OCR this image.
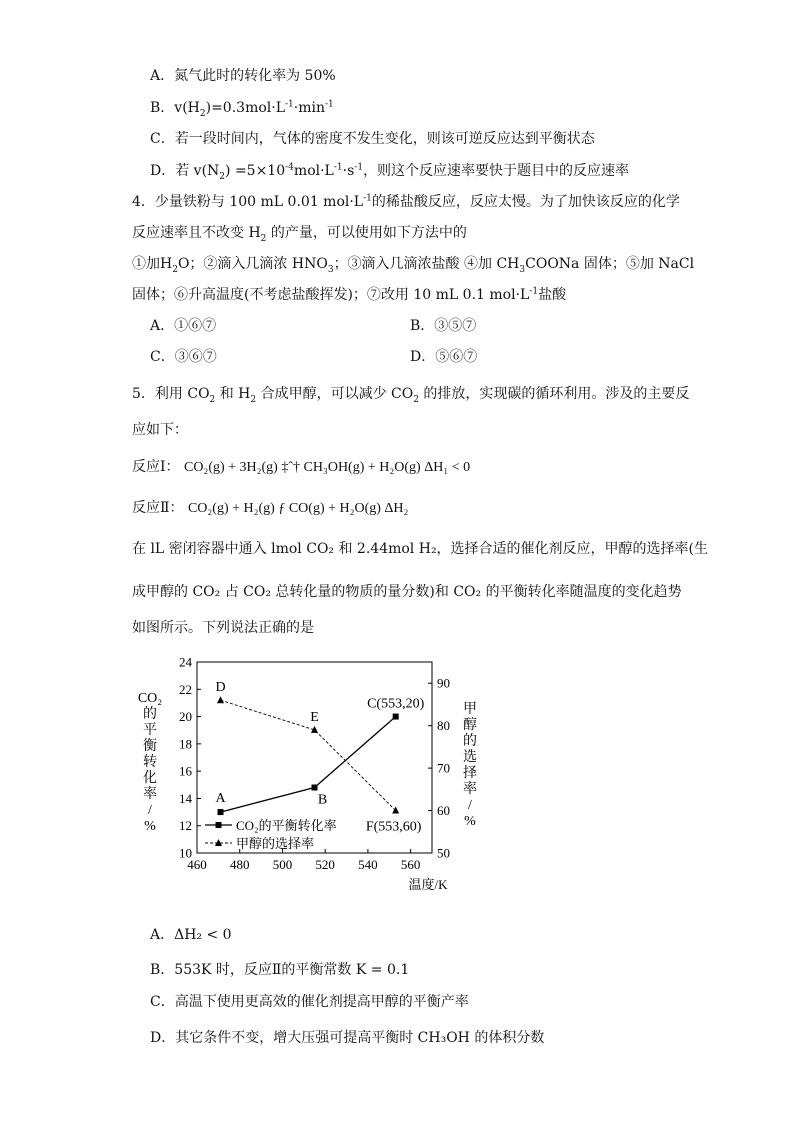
A．氮气此时的转化率为 50%
B．$v(H_2)=0.3mol\cdot L^{-1}\cdot\min^{-1}$
C．若一段时间内，气体的密度不发生变化，则该可逆反应达到平衡状态
D．若 $v(N_2) =5\times 10^{-4}mol\cdot L^{-1}\cdot s^{-1}$，则这个反应速率要快于题目中的反应速率
4．少量铁粉与 100 mL 0.01 $mol\cdot L^{-1}$的稀盐酸反应，反应太慢。为了加快该反应的化学
反应速率且不改变 $H_2$ 的产量，可以使用如下方法中的
①加$H_2O$；②滴入几滴浓 $HNO_3$；③滴入几滴浓盐酸 ④加 $CH_3COONa$ 固体；⑤加 NaCl
固体；⑥升高温度(不考虑盐酸挥发)；⑦改用 10 mL 0.1 $mol\cdot L^{-1}$盐酸
A．①⑥⑦	B．③⑤⑦
C．③⑥⑦	D．⑤⑥⑦
5．利用 $CO_2$ 和 $H_2$ 合成甲醇，可以减少 $CO_2$ 的排放，实现碳的循环利用。涉及的主要反
应如下：
反应Ⅰ： CO₂(g) + 3H₂(g) ‡ˆ† CH₃OH(g) + H₂O(g) ΔH₁ < 0
反应Ⅱ： CO₂(g) + H₂(g) ƒ CO(g) + H₂O(g) ΔH₂
在 lL 密闭容器中通入 lmol CO₂ 和 2.44mol H₂，选择合适的催化剂反应，甲醇的选择率(生
成甲醇的 CO₂ 占 CO₂ 总转化量的物质的量分数)和 CO₂ 的平衡转化率随温度的变化趋势
如图所示。下列说法正确的是
460 480 500 520 540 560
10
12
14
16
18
20
22
24
50
60
70
80
90
温度/K
CO₂ 的平衡转化率/ %
甲醇的选择率/ %
A	B
C(553,20)
D
E
F(553,60)
CO₂的平衡转化率
甲醇的选择率
A．ΔH₂ < 0
B．553K 时，反应Ⅱ的平衡常数 K = 0.1
C．高温下使用更高效的催化剂提高甲醇的平衡产率
D．其它条件不变，增大压强可提高平衡时 CH₃OH 的体积分数
